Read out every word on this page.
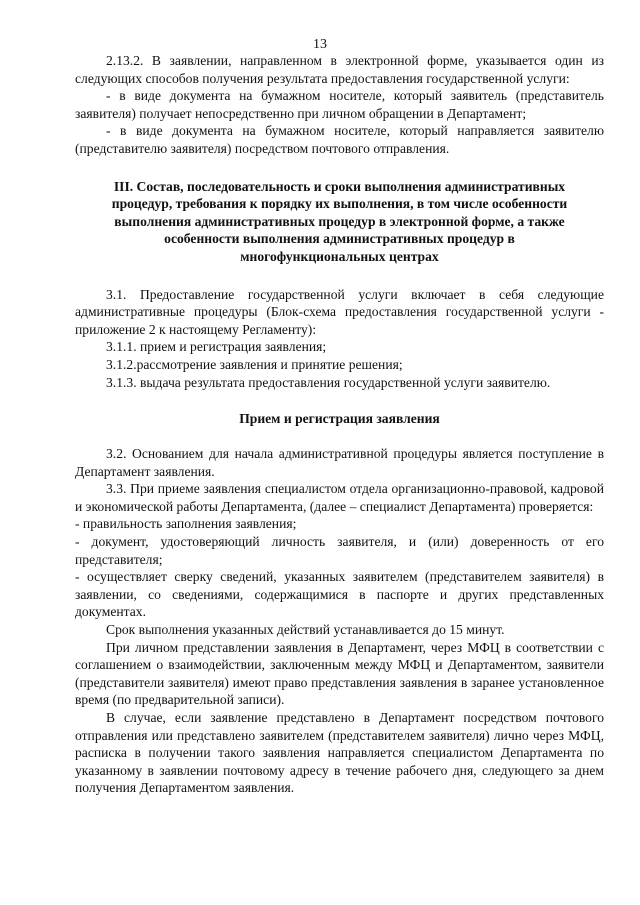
13

2.13.2. В заявлении, направленном в электронной форме, указывается один из следующих способов получения результата предоставления государственной услуги:

- в виде документа на бумажном носителе, который заявитель (представитель заявителя) получает непосредственно при личном обращении в Департамент;

- в виде документа на бумажном носителе, который направляется заявителю (представителю заявителя) посредством почтового отправления.

III. Состав, последовательность и сроки выполнения административных процедур, требования к порядку их выполнения, в том числе особенности выполнения административных процедур в электронной форме, а также особенности выполнения административных процедур в многофункциональных центрах

3.1. Предоставление государственной услуги включает в себя следующие административные процедуры (Блок-схема предоставления государственной услуги - приложение 2 к настоящему Регламенту):

3.1.1. прием и регистрация заявления;

3.1.2.рассмотрение заявления и принятие решения;

3.1.3. выдача результата предоставления государственной услуги заявителю.

Прием и регистрация заявления

3.2. Основанием для начала административной процедуры является поступление в Департамент заявления.

3.3. При приеме заявления специалистом отдела организационно-правовой, кадровой и экономической работы Департамента, (далее – специалист Департамента) проверяется:

- правильность заполнения заявления;

- документ, удостоверяющий личность заявителя, и (или) доверенность от его представителя;

- осуществляет сверку сведений, указанных заявителем (представителем заявителя) в заявлении, со сведениями, содержащимися в паспорте и других представленных документах.

Срок выполнения указанных действий устанавливается до 15 минут.

При личном представлении заявления в Департамент, через МФЦ в соответствии с соглашением о взаимодействии, заключенным между МФЦ и Департаментом, заявители (представители заявителя) имеют право представления заявления в заранее установленное время (по предварительной записи).

В случае, если заявление представлено в Департамент посредством почтового отправления или представлено заявителем (представителем заявителя) лично через МФЦ, расписка в получении такого заявления направляется специалистом Департамента по указанному в заявлении почтовому адресу в течение рабочего дня, следующего за днем получения Департаментом заявления.
